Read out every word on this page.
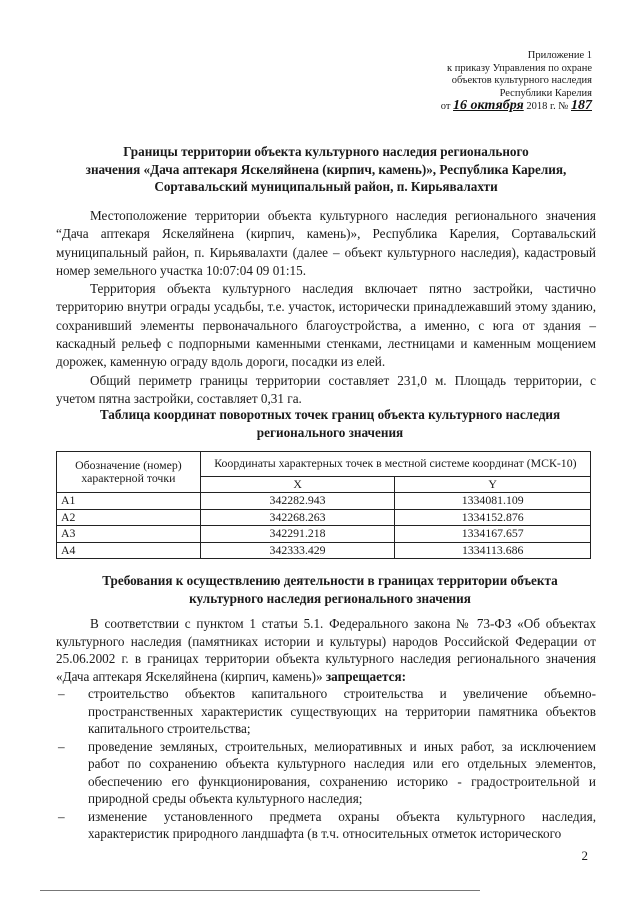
Приложение 1
к приказу Управления по охране
объектов культурного наследия
Республики Карелия
от 16 октября 2018 г. № 187
Границы территории объекта культурного наследия регионального
значения «Дача аптекаря Яскеляйнена (кирпич, камень)», Республика Карелия,
Сортавальский муниципальный район, п. Кирьявалахти

Местоположение территории объекта культурного наследия регионального значения “Дача аптекаря Яскеляйнена (кирпич, камень)», Республика Карелия, Сортавальский муниципальный район, п. Кирьявалахти (далее – объект культурного наследия), кадастровый номер земельного участка 10:07:04 09 01:15.

Территория объекта культурного наследия включает пятно застройки, частично территорию внутри ограды усадьбы, т.е. участок, исторически принадлежавший этому зданию, сохранивший элементы первоначального благоустройства, а именно, с юга от здания – каскадный рельеф с подпорными каменными стенками, лестницами и каменным мощением дорожек, каменную ограду вдоль дороги, посадки из елей.

Общий периметр границы территории составляет 231,0 м. Площадь территории, с учетом пятна застройки, составляет 0,31 га.

Таблица координат поворотных точек границ объекта культурного наследия
регионального значения
Обозначение (номер) характерной точки	Координаты характерных точек в местной системе координат (МСК-10)	
	X	Y
А1	342282.943	1334081.109
А2	342268.263	1334152.876
А3	342291.218	1334167.657
А4	342333.429	1334113.686
Требования к осуществлению деятельности в границах территории объекта
культурного наследия регионального значения

В соответствии с пунктом 1 статьи 5.1. Федерального закона № 73-ФЗ «Об объектах культурного наследия (памятниках истории и культуры) народов Российской Федерации от 25.06.2002 г. в границах территории объекта культурного наследия регионального значения «Дача аптекаря Яскеляйнена (кирпич, камень)» запрещается:

– строительство объектов капитального строительства и увеличение объемно-пространственных характеристик существующих на территории памятника объектов капитального строительства;
– проведение земляных, строительных, мелиоративных и иных работ, за исключением работ по сохранению объекта культурного наследия или его отдельных элементов, обеспечению его функционирования, сохранению историко - градостроительной и природной среды объекта культурного наследия;
– изменение установленного предмета охраны объекта культурного наследия, характеристик природного ландшафта (в т.ч. относительных отметок исторического
2
